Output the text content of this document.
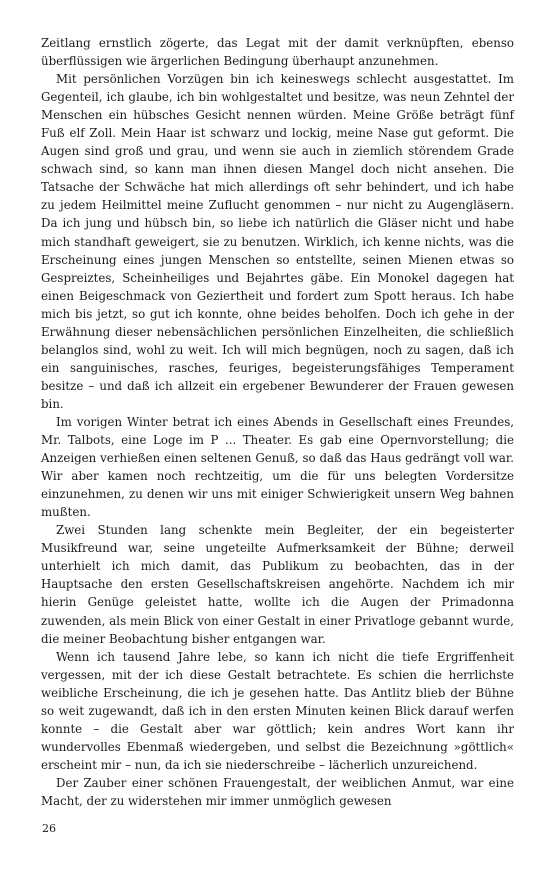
Zeitlang ernstlich zögerte, das Legat mit der damit verknüpften, ebenso überflüssigen wie ärgerlichen Bedingung überhaupt anzunehmen.

Mit persönlichen Vorzügen bin ich keineswegs schlecht ausgestattet. Im Gegenteil, ich glaube, ich bin wohlgestaltet und besitze, was neun Zehntel der Menschen ein hübsches Gesicht nennen würden. Meine Größe beträgt fünf Fuß elf Zoll. Mein Haar ist schwarz und lockig, meine Nase gut geformt. Die Augen sind groß und grau, und wenn sie auch in ziemlich störendem Grade schwach sind, so kann man ihnen diesen Mangel doch nicht ansehen. Die Tatsache der Schwäche hat mich allerdings oft sehr behindert, und ich habe zu jedem Heilmittel meine Zuflucht genommen – nur nicht zu Augengläsern. Da ich jung und hübsch bin, so liebe ich natürlich die Gläser nicht und habe mich standhaft geweigert, sie zu benutzen. Wirklich, ich kenne nichts, was die Erscheinung eines jungen Menschen so entstellte, seinen Mienen etwas so Gespreiztes, Scheinheiliges und Bejahrtes gäbe. Ein Monokel dagegen hat einen Beigeschmack von Geziertheit und fordert zum Spott heraus. Ich habe mich bis jetzt, so gut ich konnte, ohne beides beholfen. Doch ich gehe in der Erwähnung dieser nebensächlichen persönlichen Einzelheiten, die schließlich belanglos sind, wohl zu weit. Ich will mich begnügen, noch zu sagen, daß ich ein sanguinisches, rasches, feuriges, begeisterungsfähiges Temperament besitze – und daß ich allzeit ein ergebener Bewunderer der Frauen gewesen bin.

Im vorigen Winter betrat ich eines Abends in Gesellschaft eines Freundes, Mr. Talbots, eine Loge im P ... Theater. Es gab eine Opernvorstellung; die Anzeigen verhießen einen seltenen Genuß, so daß das Haus gedrängt voll war. Wir aber kamen noch rechtzeitig, um die für uns belegten Vordersitze einzunehmen, zu denen wir uns mit einiger Schwierigkeit unsern Weg bahnen mußten.

Zwei Stunden lang schenkte mein Begleiter, der ein begeisterter Musikfreund war, seine ungeteilte Aufmerksamkeit der Bühne; derweil unterhielt ich mich damit, das Publikum zu beobachten, das in der Hauptsache den ersten Gesellschaftskreisen angehörte. Nachdem ich mir hierin Genüge geleistet hatte, wollte ich die Augen der Primadonna zuwenden, als mein Blick von einer Gestalt in einer Privatloge gebannt wurde, die meiner Beobachtung bisher entgangen war.

Wenn ich tausend Jahre lebe, so kann ich nicht die tiefe Ergriffenheit vergessen, mit der ich diese Gestalt betrachtete. Es schien die herrlichste weibliche Erscheinung, die ich je gesehen hatte. Das Antlitz blieb der Bühne so weit zugewandt, daß ich in den ersten Minuten keinen Blick darauf werfen konnte – die Gestalt aber war göttlich; kein andres Wort kann ihr wundervolles Ebenmaß wiedergeben, und selbst die Bezeichnung »göttlich« erscheint mir – nun, da ich sie niederschreibe – lächerlich unzureichend.

Der Zauber einer schönen Frauengestalt, der weiblichen Anmut, war eine Macht, der zu widerstehen mir immer unmöglich gewesen

26
